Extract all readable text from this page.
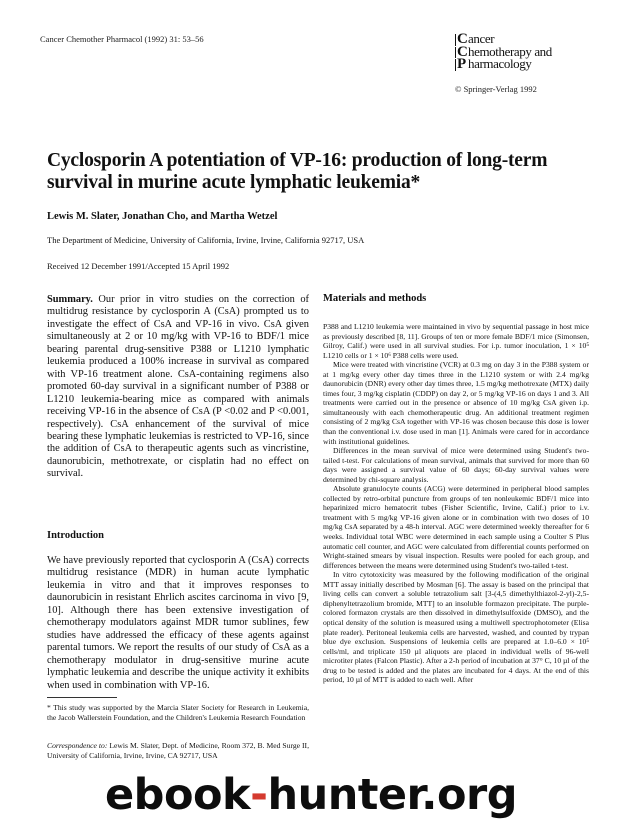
Cancer Chemother Pharmacol (1992) 31: 53–56	Cancer
Chemotherapy and
P harmacology
© Springer-Verlag 1992
Cyclosporin A potentiation of VP-16: production of long-term survival in murine acute lymphatic leukemia*
Lewis M. Slater, Jonathan Cho, and Martha Wetzel
The Department of Medicine, University of California, Irvine, Irvine, California 92717, USA
Received 12 December 1991/Accepted 15 April 1992
Summary. Our prior in vitro studies on the correction of multidrug resistance by cyclosporin A (CsA) prompted us to investigate the effect of CsA and VP-16 in vivo. CsA given simultaneously at 2 or 10 mg/kg with VP-16 to BDF/1 mice bearing parental drug-sensitive P388 or L1210 lymphatic leukemia produced a 100% increase in survival as compared with VP-16 treatment alone. CsA-containing regimens also promoted 60-day survival in a significant number of P388 or L1210 leukemia-bearing mice as compared with animals receiving VP-16 in the absence of CsA (P <0.02 and P <0.001, respectively). CsA enhancement of the survival of mice bearing these lymphatic leukemias is restricted to VP-16, since the addition of CsA to therapeutic agents such as vincristine, daunorubicin, methotrexate, or cisplatin had no effect on survival.
Introduction
We have previously reported that cyclosporin A (CsA) corrects multidrug resistance (MDR) in human acute lymphatic leukemia in vitro and that it improves responses to daunorubicin in resistant Ehrlich ascites carcinoma in vivo [9, 10]. Although there has been extensive investigation of chemotherapy modulators against MDR tumor sublines, few studies have addressed the efficacy of these agents against parental tumors. We report the results of our study of CsA as a chemotherapy modulator in drug-sensitive murine acute lymphatic leukemia and describe the unique activity it exhibits when used in combination with VP-16.
* This study was supported by the Marcia Slater Society for Research in Leukemia, the Jacob Wallerstein Foundation, and the Children's Leukemia Research Foundation
Correspondence to: Lewis M. Slater, Dept. of Medicine, Room 372, B. Med Surge II, University of California, Irvine, Irvine, CA 92717, USA
Materials and methods

P388 and L1210 leukemia were maintained in vivo by sequential passage in host mice as previously described [8, 11]. Groups of ten or more female BDF/1 mice (Simonsen, Gilroy, Calif.) were used in all survival studies. For i.p. tumor inoculation, 1 × 10⁵ L1210 cells or 1 × 10⁶ P388 cells were used.

Mice were treated with vincristine (VCR) at 0.3 mg on day 3 in the P388 system or at 1 mg/kg every other day times three in the L1210 system or with 2.4 mg/kg daunorubicin (DNR) every other day times three, 1.5 mg/kg methotrexate (MTX) daily times four, 3 mg/kg cisplatin (CDDP) on day 2, or 5 mg/kg VP-16 on days 1 and 3. All treatments were carried out in the presence or absence of 10 mg/kg CsA given i.p. simultaneously with each chemotherapeutic drug. An additional treatment regimen consisting of 2 mg/kg CsA together with VP-16 was chosen because this dose is lower than the conventional i.v. dose used in man [1]. Animals were cared for in accordance with institutional guidelines.

Differences in the mean survival of mice were determined using Student's two-tailed t-test. For calculations of mean survival, animals that survived for more than 60 days were assigned a survival value of 60 days; 60-day survival values were determined by chi-square analysis.

Absolute granulocyte counts (ACG) were determined in peripheral blood samples collected by retro-orbital puncture from groups of ten nonleukemic BDF/1 mice into heparinized micro hematocrit tubes (Fisher Scientific, Irvine, Calif.) prior to i.v. treatment with 5 mg/kg VP-16 given alone or in combination with two doses of 10 mg/kg CsA separated by a 48-h interval. AGC were determined weekly thereafter for 6 weeks. Individual total WBC were determined in each sample using a Coulter S Plus automatic cell counter, and AGC were calculated from differential counts performed on Wright-stained smears by visual inspection. Results were pooled for each group, and differences between the means were determined using Student's two-tailed t-test.

In vitro cytotoxicity was measured by the following modification of the original MTT assay initially described by Mosman [6]. The assay is based on the principal that living cells can convert a soluble tetrazolium salt [3-(4,5 dimethylthiazol-2-yl)-2,5-diphenyltetrazolium bromide, MTT] to an insoluble formazon precipitate. The purple-colored formazon crystals are then dissolved in dimethylsulfoxide (DMSO), and the optical density of the solution is measured using a multiwell spectrophotometer (Elisa plate reader). Peritoneal leukemia cells are harvested, washed, and counted by trypan blue dye exclusion. Suspensions of leukemia cells are prepared at 1.0–6.0 × 10⁵ cells/ml, and triplicate 150 µl aliquots are placed in individual wells of 96-well microtiter plates (Falcon Plastic). After a 2-h period of incubation at 37° C, 10 µl of the drug to be tested is added and the plates are incubated for 4 days. At the end of this period, 10 µl of MTT is added to each well. After

ebook-hunter.org
